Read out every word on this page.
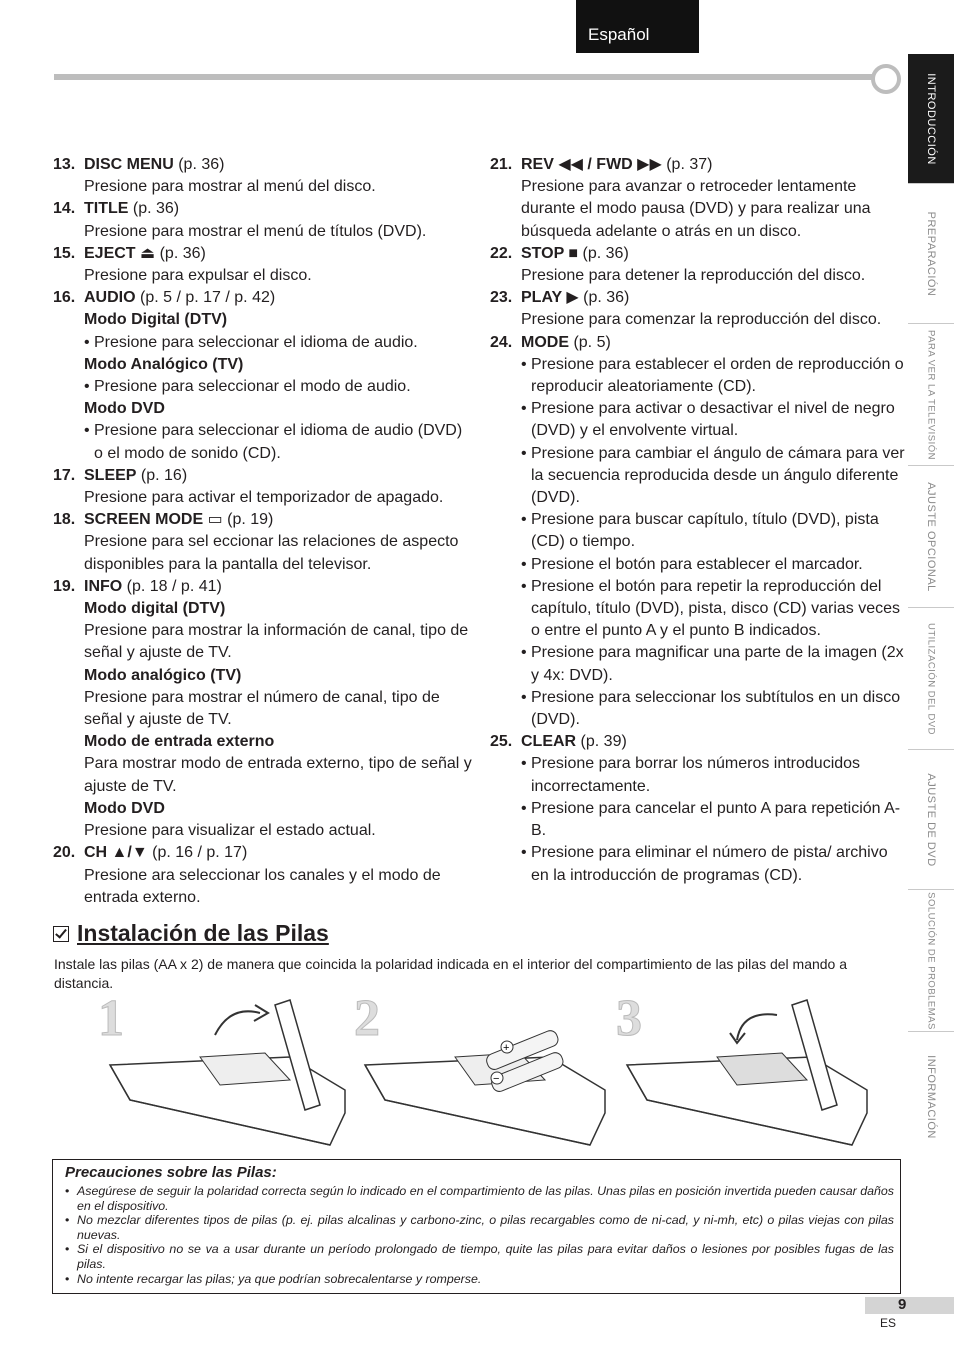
Español
INTRODUCCIÓN
PREPARACIÓN
PARA VER LA TELEVISIÓN
AJUSTE OPCIONAL
UTILIZACIÓN DEL DVD
AJUSTE DE DVD
SOLUCIÓN DE PROBLEMAS
INFORMACIÓN
13. DISC MENU (p. 36)
Presione para mostrar al menú del disco.
14. TITLE (p. 36)
Presione para mostrar el menú de títulos (DVD).
15. EJECT ⏏ (p. 36)
Presione para expulsar el disco.
16. AUDIO (p. 5 / p. 17 / p. 42)
Modo Digital (DTV)
• Presione para seleccionar el idioma de audio.
Modo Analógico (TV)
• Presione para seleccionar el modo de audio.
Modo DVD
• Presione para seleccionar el idioma de audio (DVD) o el modo de sonido (CD).
17. SLEEP (p. 16)
Presione para activar el temporizador de apagado.
18. SCREEN MODE ▭ (p. 19)
Presione para sel eccionar las relaciones de aspecto disponibles para la pantalla del televisor.
19. INFO (p. 18 / p. 41)
Modo digital (DTV)
Presione para mostrar la información de canal, tipo de señal y ajuste de TV.
Modo analógico (TV)
Presione para mostrar el número de canal, tipo de señal y ajuste de TV.
Modo de entrada externo
Para mostrar modo de entrada externo, tipo de señal y ajuste de TV.
Modo DVD
Presione para visualizar el estado actual.
20. CH ▲/▼ (p. 16 / p. 17)
Presione ara seleccionar los canales y el modo de entrada externo.
21. REV ◀◀ / FWD ▶▶ (p. 37)
Presione para avanzar o retroceder lentamente durante el modo pausa (DVD) y para realizar una búsqueda adelante o atrás en un disco.
22. STOP ■ (p. 36)
Presione para detener la reproducción del disco.
23. PLAY ▶ (p. 36)
Presione para comenzar la reproducción del disco.
24. MODE (p. 5)
• Presione para establecer el orden de reproducción o reproducir aleatoriamente (CD).
• Presione para activar o desactivar el nivel de negro (DVD) y el envolvente virtual.
• Presione para cambiar el ángulo de cámara para ver la secuencia reproducida desde un ángulo diferente (DVD).
• Presione para buscar capítulo, título (DVD), pista (CD) o tiempo.
• Presione el botón para establecer el marcador.
• Presione el botón para repetir la reproducción del capítulo, título (DVD), pista, disco (CD) varias veces o entre el punto A y el punto B indicados.
• Presione para magnificar una parte de la imagen (2x y 4x: DVD).
• Presione para seleccionar los subtítulos en un disco (DVD).
25. CLEAR (p. 39)
• Presione para borrar los números introducidos incorrectamente.
• Presione para cancelar el punto A para repetición A-B.
• Presione para eliminar el número de pista/ archivo en la introducción de programas (CD).
Instalación de las Pilas
Instale las pilas (AA x 2) de manera que coincida la polaridad indicada en el interior del compartimiento de las pilas del mando a distancia.
1	2
+
−
3
Precauciones sobre las Pilas:
• Asegúrese de seguir la polaridad correcta según lo indicado en el compartimiento de las pilas. Unas pilas en posición invertida pueden causar daños en el dispositivo.
• No mezclar diferentes tipos de pilas (p. ej. pilas alcalinas y carbono-zinc, o pilas recargables como de ni-cad, y ni-mh, etc) o pilas viejas con pilas nuevas.
• Si el dispositivo no se va a usar durante un período prolongado de tiempo, quite las pilas para evitar daños o lesiones por posibles fugas de las pilas.
• No intente recargar las pilas; ya que podrían sobrecalentarse y romperse.
9
ES
